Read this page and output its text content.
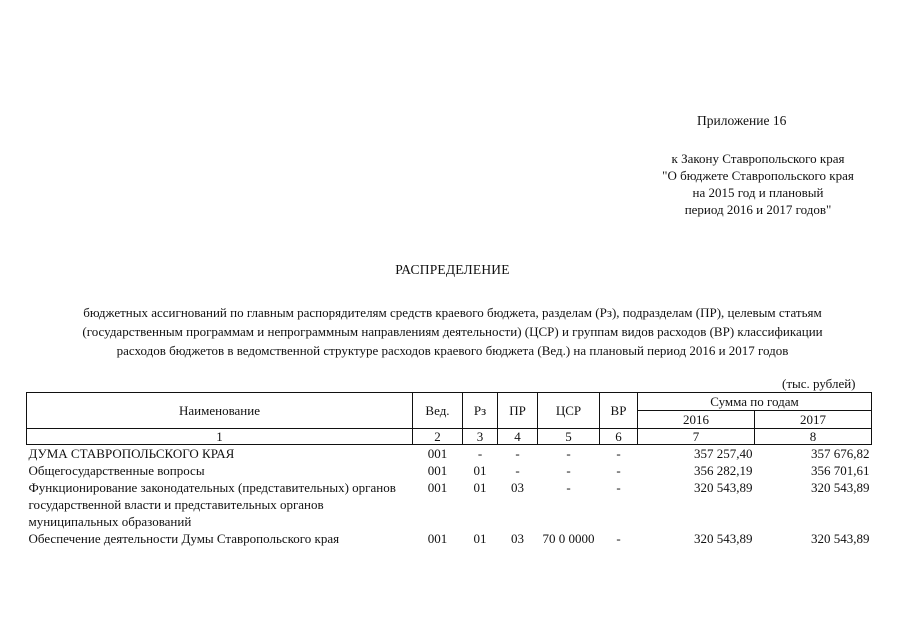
Приложение 16
к Закону Ставропольского края
"О бюджете Ставропольского края
на 2015 год и плановый
период 2016 и 2017 годов"
РАСПРЕДЕЛЕНИЕ
бюджетных ассигнований по главным распорядителям средств краевого бюджета, разделам (Рз), подразделам (ПР), целевым статьям
(государственным программам и непрограммным направлениям деятельности) (ЦСР) и группам видов расходов (ВР) классификации
расходов бюджетов в ведомственной структуре расходов краевого бюджета (Вед.) на плановый период 2016 и 2017 годов
(тыс. рублей)
Наименование	Вед.	Рз	ПР	ЦСР	ВР	Сумма по годам	
						2016	2017
1	2	3	4	5	6	7	8
ДУМА СТАВРОПОЛЬСКОГО КРАЯ	001	-	-	-	-	357 257,40	357 676,82
Общегосударственные вопросы	001	01	-	-	-	356 282,19	356 701,61
Функционирование законодательных (представительных) органов государственной власти и представительных органов муниципальных образований	001	01	03	-	-	320 543,89	320 543,89
Обеспечение деятельности Думы Ставропольского края	001	01	03	70 0 0000	-	320 543,89	320 543,89
